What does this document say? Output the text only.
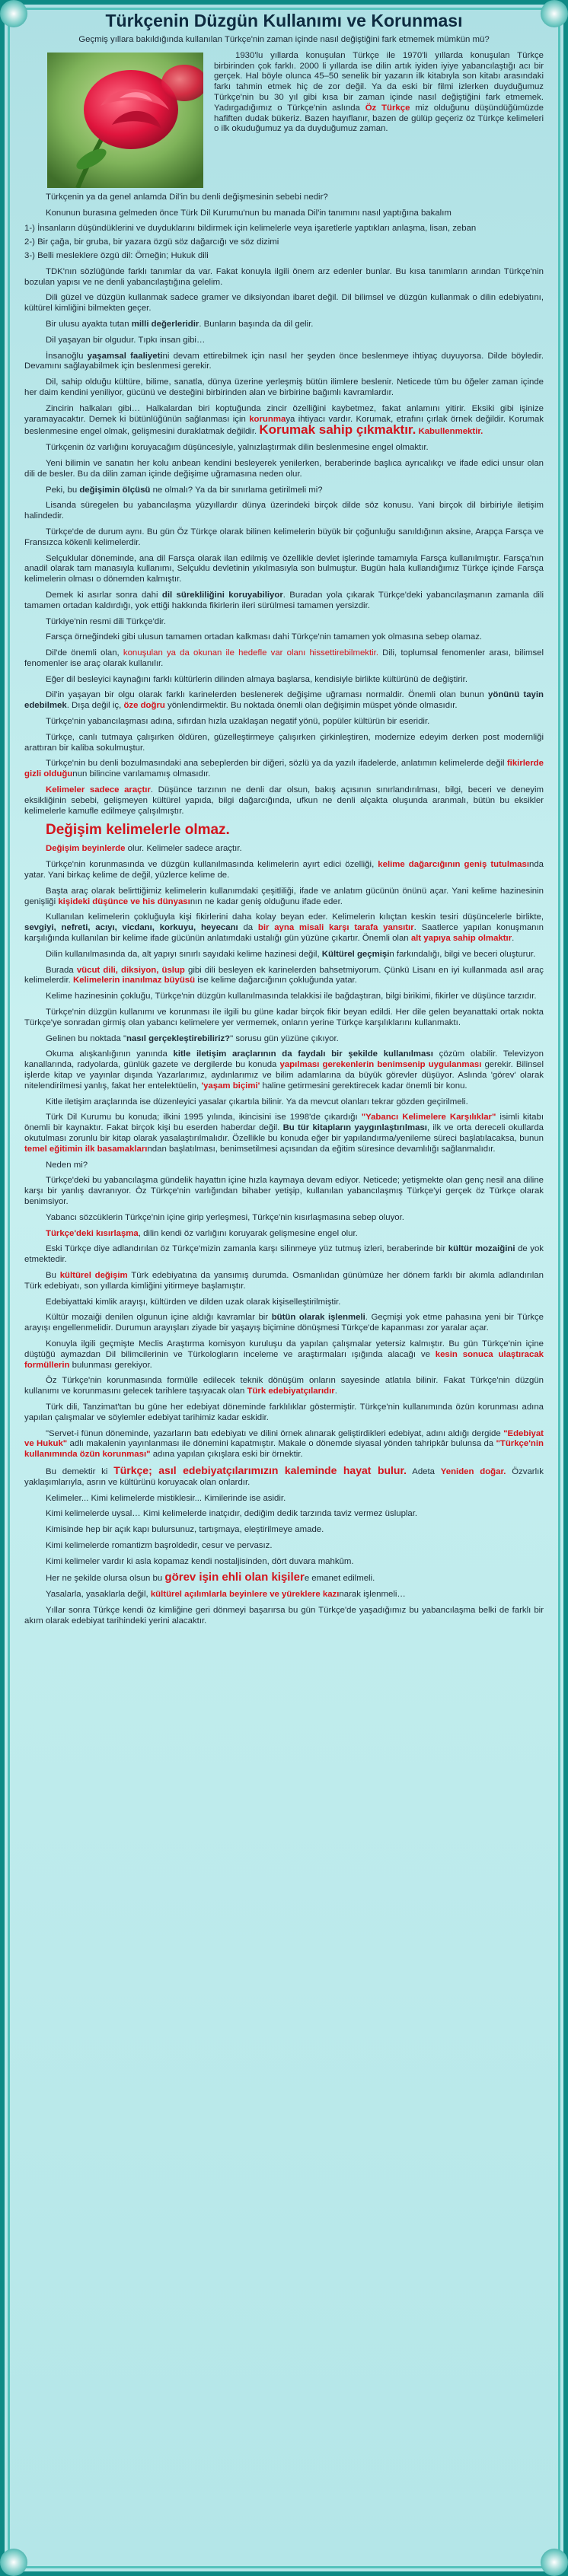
Türkçenin Düzgün Kullanımı ve Korunması

Geçmiş yıllara bakıldığında kullanılan Türkçe'nin zaman içinde nasıl değiştiğini fark etmemek mümkün mü?

1930'lu yıllarda konuşulan Türkçe ile 1970'li yıllarda konuşulan Türkçe birbirinden çok farklı. 2000 li yıllarda ise dilin artık iyiden iyiye yabancılaştığı acı bir gerçek. Hal böyle olunca 45–50 senelik bir yazarın ilk kitabıyla son kitabı arasındaki farkı tahmin etmek hiç de zor değil. Ya da eski bir filmi izlerken duyduğumuz Türkçe'nin bu 30 yıl gibi kısa bir zaman içinde nasıl değiştiğini fark etmemek. Yadırgadığımız o Türkçe'nin aslında Öz Türkçe miz olduğunu düşündüğümüzde hafiften dudak bükeriz. Bazen hayıflanır, bazen de gülüp geçeriz öz Türkçe kelimeleri o ilk okuduğumuz ya da duyduğumuz zaman.

Türkçenin ya da genel anlamda Dil'in bu denli değişmesinin sebebi nedir?

Konunun burasına gelmeden önce Türk Dil Kurumu'nun bu manada Dil'in tanımını nasıl yaptığına bakalım

1-) İnsanların düşündüklerini ve duyduklarını bildirmek için kelimelerle veya işaretlerle yaptıkları anlaşma, lisan, zeban

2-) Bir çağa, bir gruba, bir yazara özgü söz dağarcığı ve söz dizimi

3-) Belli mesleklere özgü dil: Örneğin; Hukuk dili

TDK'nın sözlüğünde farklı tanımlar da var. Fakat konuyla ilgili önem arz edenler bunlar. Bu kısa tanımların arından Türkçe'nin bozulan yapısı ve ne denli yabancılaştığına gelelim.

Dili güzel ve düzgün kullanmak sadece gramer ve diksiyondan ibaret değil. Dil bilimsel ve düzgün kullanmak o dilin edebiyatını, kültürel kimliğini bilmekten geçer.

Bir ulusu ayakta tutan milli değerleridir. Bunların başında da dil gelir.

Dil yaşayan bir olgudur. Tıpkı insan gibi…

İnsanoğlu yaşamsal faaliyetini devam ettirebilmek için nasıl her şeyden önce beslenmeye ihtiyaç duyuyorsa. Dilde böyledir. Devamını sağlayabilmek için beslenmesi gerekir.

Dil, sahip olduğu kültüre, bilime, sanatla, dünya üzerine yerleşmiş bütün ilimlere beslenir. Neticede tüm bu öğeler zaman içinde her daim kendini yeniliyor, gücünü ve desteğini birbirinden alan ve birbirine bağımlı kavramlardır.

Zincirin halkaları gibi… Halkalardan biri koptuğunda zincir özelliğini kaybetmez, fakat anlamını yitirir. Eksiki gibi işinize yaramayacaktır. Demek ki bütünlüğünün sağlanması için korunmaya ihtiyacı vardır. Korumak, etrafını çırlak örnek değildir. Korumak beslenmesine engel olmak, gelişmesini duraklatmak değildir. Korumak sahip çıkmaktır. Kabullenmektir.

Türkçenin öz varlığını koruyacağım düşüncesiyle, yalnızlaştırmak dilin beslenmesine engel olmaktır.

Yeni bilimin ve sanatın her kolu anbean kendini besleyerek yenilerken, beraberinde başlıca ayrıcalıkçı ve ifade edici unsur olan dili de besler. Bu da dilin zaman içinde değişime uğramasına neden olur.

Peki, bu değişimin ölçüsü ne olmalı? Ya da bir sınırlama getirilmeli mi?

Lisanda süregelen bu yabancılaşma yüzyıllardır dünya üzerindeki birçok dilde söz konusu. Yani birçok dil birbiriyle iletişim halindedir.

Türkçe'de de durum aynı. Bu gün Öz Türkçe olarak bilinen kelimelerin büyük bir çoğunluğu sanıldığının aksine, Arapça Farsça ve Fransızca kökenli kelimelerdir.

Selçuklular döneminde, ana dil Farsça olarak ilan edilmiş ve özellikle devlet işlerinde tamamıyla Farsça kullanılmıştır. Farsça'nın anadil olarak tam manasıyla kullanımı, Selçuklu devletinin yıkılmasıyla son bulmuştur. Bugün hala kullandığımız Türkçe içinde Farsça kelimelerin olması o dönemden kalmıştır.

Demek ki asırlar sonra dahi dil sürekliliğini koruyabiliyor. Buradan yola çıkarak Türkçe'deki yabancılaşmanın zamanla dili tamamen ortadan kaldırdığı, yok ettiği hakkında fikirlerin ileri sürülmesi tamamen yersizdir.

Türkiye'nin resmi dili Türkçe'dir.

Farsça örneğindeki gibi ulusun tamamen ortadan kalkması dahi Türkçe'nin tamamen yok olmasına sebep olamaz.

Dil'de önemli olan, konuşulan ya da okunan ile hedefle var olanı hissettirebilmektir. Dili, toplumsal fenomenler arası, bilimsel fenomenler ise araç olarak kullanılır.

Eğer dil besleyici kaynağını farklı kültürlerin dilinden almaya başlarsa, kendisiyle birlikte kültürünü de değiştirir.

Dil'in yaşayan bir olgu olarak farklı karinelerden beslenerek değişime uğraması normaldir. Önemli olan bunun yönünü tayin edebilmek. Dışa değil iç, öze doğru yönlendirmektir. Bu noktada önemli olan değişimin müspet yönde olmasıdır.

Türkçe'nin yabancılaşması adına, sıfırdan hızla uzaklaşan negatif yönü, popüler kültürün bir eseridir.

Türkçe, canlı tutmaya çalışırken öldüren, güzelleştirmeye çalışırken çirkinleştiren, modernize edeyim derken post modernliği arattıran bir kaliba sokulmuştur.

Türkçe'nin bu denli bozulmasındaki ana sebeplerden bir diğeri, sözlü ya da yazılı ifadelerde, anlatımın kelimelerde değil fikirlerde gizli olduğunun bilincine varılamamış olmasıdır.

Kelimeler sadece araçtır. Düşünce tarzının ne denli dar olsun, bakış açısının sınırlandırılması, bilgi, beceri ve deneyim eksikliğinin sebebi, gelişmeyen kültürel yapıda, bilgi dağarcığında, ufkun ne denli alçakta oluşunda aranmalı, bütün bu eksikler kelimelerle kamufle edilmeye çalışılmıştır.

Değişim kelimelerle olmaz.

Değişim beyinlerde olur. Kelimeler sadece araçtır.

Türkçe'nin korunmasında ve düzgün kullanılmasında kelimelerin ayırt edici özelliği, kelime dağarcığının geniş tutulmasında yatar. Yani birkaç kelime de değil, yüzlerce kelime de.

Başta araç olarak belirttiğimiz kelimelerin kullanımdaki çeşitliliği, ifade ve anlatım gücünün önünü açar. Yani kelime hazinesinin genişliği kişideki düşünce ve his dünyasının ne kadar geniş olduğunu ifade eder.

Kullanılan kelimelerin çokluğuyla kişi fikirlerini daha kolay beyan eder. Kelimelerin kılıçtan keskin tesiri düşüncelerle birlikte, sevgiyi, nefreti, acıyı, vicdanı, korkuyu, heyecanı da bir ayna misali karşı tarafa yansıtır. Saatlerce yapılan konuşmanın karşılığında kullanılan bir kelime ifade gücünün anlatımdaki ustalığı gün yüzüne çıkartır. Önemli olan alt yapıya sahip olmaktır.

Dilin kullanılmasında da, alt yapıyı sınırlı sayıdaki kelime hazinesi değil, Kültürel geçmişin farkındalığı, bilgi ve beceri oluşturur.

Burada vücut dili, diksiyon, üslup gibi dili besleyen ek karinelerden bahsetmiyorum. Çünkü Lisanı en iyi kullanmada asıl araç kelimelerdir. Kelimelerin inanılmaz büyüsü ise kelime dağarcığının çokluğunda yatar.

Kelime hazinesinin çokluğu, Türkçe'nin düzgün kullanılmasında telakkisi ile bağdaştıran, bilgi birikimi, fikirler ve düşünce tarzıdır.

Türkçe'nin düzgün kullanımı ve korunması ile ilgili bu güne kadar birçok fikir beyan edildi. Her dile gelen beyanattaki ortak nokta Türkçe'ye sonradan girmiş olan yabancı kelimelere yer vermemek, onların yerine Türkçe karşılıklarını kullanmaktı.

Gelinen bu noktada "nasıl gerçekleştirebiliriz?" sorusu gün yüzüne çıkıyor.

Okuma alışkanlığının yanında kitle iletişim araçlarının da faydalı bir şekilde kullanılması çözüm olabilir. Televizyon kanallarında, radyolarda, günlük gazete ve dergilerde bu konuda yapılması gerekenlerin benimsenip uygulanması gerekir. Bilinsel işlerde kitap ve yayınlar dışında Yazarlarımız, aydınlarımız ve bilim adamlarına da büyük görevler düşüyor. Aslında 'görev' olarak nitelendirilmesi yanlış, fakat her entelektüelin, 'yaşam biçimi' haline getirmesini gerektirecek kadar önemli bir konu.

Kitle iletişim araçlarında ise düzenleyici yasalar çıkartıla bilinir. Ya da mevcut olanları tekrar gözden geçirilmeli.

Türk Dil Kurumu bu konuda; ilkini 1995 yılında, ikincisini ise 1998'de çıkardığı "Yabancı Kelimelere Karşılıklar" isimli kitabı önemli bir kaynaktır. Fakat birçok kişi bu eserden haberdar değil. Bu tür kitapların yaygınlaştırılması, ilk ve orta dereceli okullarda okutulması zorunlu bir kitap olarak yasalaştırılmalıdır. Özellikle bu konuda eğer bir yapılandırma/yenileme süreci başlatılacaksa, bunun temel eğitimin ilk basamaklarından başlatılması, benimsetilmesi açısından da eğitim süresince devamlılığı sağlanmalıdır.

Neden mi?

Türkçe'deki bu yabancılaşma gündelik hayattın içine hızla kaymaya devam ediyor. Neticede; yetişmekte olan genç nesil ana diline karşı bir yanlış davranıyor. Öz Türkçe'nin varlığından bihaber yetişip, kullanılan yabancılaşmış Türkçe'yi gerçek öz Türkçe olarak benimsiyor.

Yabancı sözcüklerin Türkçe'nin içine girip yerleşmesi, Türkçe'nin kısırlaşmasına sebep oluyor.

Türkçe'deki kısırlaşma, dilin kendi öz varlığını koruyarak gelişmesine engel olur.

Eski Türkçe diye adlandırılan öz Türkçe'mizin zamanla karşı silinmeye yüz tutmuş izleri, beraberinde bir kültür mozaiğini de yok etmektedir.

Bu kültürel değişim Türk edebiyatına da yansımış durumda. Osmanlıdan günümüze her dönem farklı bir akımla adlandırılan Türk edebiyatı, son yıllarda kimliğini yitirmeye başlamıştır.

Edebiyattaki kimlik arayışı, kültürden ve dilden uzak olarak kişiselleştirilmiştir.

Kültür mozaiği denilen olgunun içine aldığı kavramlar bir bütün olarak işlenmeli. Geçmişi yok etme pahasına yeni bir Türkçe arayışı engellenmelidir. Durumun arayışları ziyade bir yaşayış biçimine dönüşmesi Türkçe'de kapanması zor yaralar açar.

Konuyla ilgili geçmişte Meclis Araştırma komisyon kuruluşu da yapılan çalışmalar yetersiz kalmıştır. Bu gün Türkçe'nin içine düştüğü aymazdan Dil bilimcilerinin ve Türkologların inceleme ve araştırmaları ışığında alacağı ve kesin sonuca ulaştıracak formüllerin bulunması gerekiyor.

Öz Türkçe'nin korunmasında formülle edilecek teknik dönüşüm onların sayesinde atlatıla bilinir. Fakat Türkçe'nin düzgün kullanımı ve korunmasını gelecek tarihlere taşıyacak olan Türk edebiyatçılarıdır.

Türk dili, Tanzimat'tan bu güne her edebiyat döneminde farklılıklar göstermiştir. Türkçe'nin kullanımında özün korunması adına yapılan çalışmalar ve söylemler edebiyat tarihimiz kadar eskidir.

"Servet-i fünun döneminde, yazarların batı edebiyatı ve dilini örnek alınarak geliştirdikleri edebiyat, adını aldığı dergide "Edebiyat ve Hukuk" adlı makalenin yayınlanması ile dönemini kapatmıştır. Makale o dönemde siyasal yönden tahripkâr bulunsa da "Türkçe'nin kullanımında özün korunması" adına yapılan çıkışlara eski bir örnektir.

Bu demektir ki Türkçe; asıl edebiyatçılarımızın kaleminde hayat bulur. Adeta Yeniden doğar. Özvarlık yaklaşımlarıyla, asrın ve kültürünü koruyacak olan onlardır.

Kelimeler... Kimi kelimelerde mistiklesir... Kimilerinde ise asidir.

Kimi kelimelerde uysal… Kimi kelimelerde inatçıdır, dediğim dedik tarzında taviz vermez üsluplar.

Kimisinde hep bir açık kapı bulursunuz, tartışmaya, eleştirilmeye amade.

Kimi kelimelerde romantizm başroldedir, cesur ve pervasız.

Kimi kelimeler vardır ki asla kopamaz kendi nostaljisinden, dört duvara mahkûm.

Her ne şekilde olursa olsun bu görev işin ehli olan kişilere emanet edilmeli.

Yasalarla, yasaklarla değil, kültürel açılımlarla beyinlere ve yüreklere kazınarak işlenmeli…

Yıllar sonra Türkçe kendi öz kimliğine geri dönmeyi başarırsa bu gün Türkçe'de yaşadığımız bu yabancılaşma belki de farklı bir akım olarak edebiyat tarihindeki yerini alacaktır.
